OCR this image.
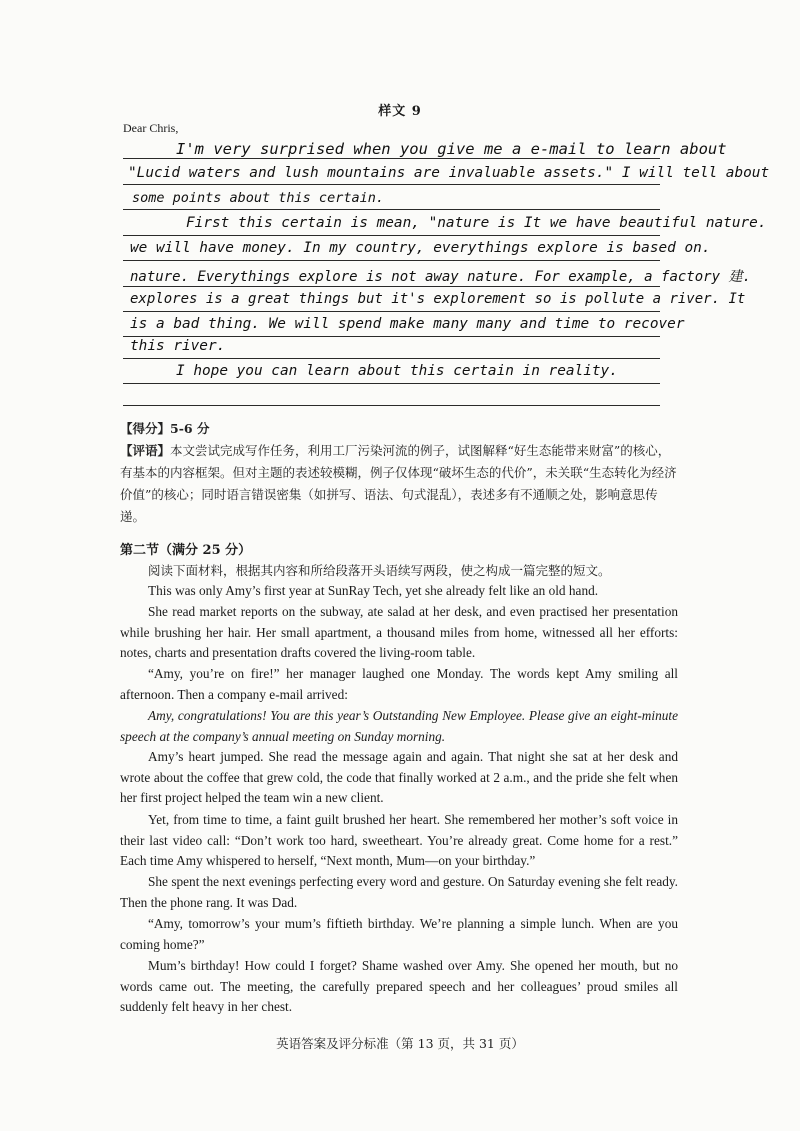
样文 9
Dear Chris,
I'm very surprised when you give me a e-mail to learn about
"Lucid waters and lush mountains are invaluable assets." I will tell about
some points about this certain.
First this certain is mean, "nature is It we have beautiful nature.
we will have money. In my country, everythings explore is based on.
nature. Everythings explore is not away nature. For example, a factory 建.
explores is a great things but it's explorement so is pollute a river. It
is a bad thing. We will spend make many many and time to recover
this river.
I hope you can learn about this certain in reality.
【得分】5-6 分
【评语】本文尝试完成写作任务，利用工厂污染河流的例子，试图解释“好生态能带来财富”的核心，有基本的内容框架。但对主题的表述较模糊，例子仅体现“破坏生态的代价”，未关联“生态转化为经济价值”的核心；同时语言错误密集（如拼写、语法、句式混乱），表述多有不通顺之处，影响意思传递。
第二节（满分 25 分）
阅读下面材料，根据其内容和所给段落开头语续写两段，使之构成一篇完整的短文。
This was only Amy’s first year at SunRay Tech, yet she already felt like an old hand.
She read market reports on the subway, ate salad at her desk, and even practised her presentation while brushing her hair. Her small apartment, a thousand miles from home, witnessed all her efforts: notes, charts and presentation drafts covered the living-room table.
“Amy, you’re on fire!” her manager laughed one Monday. The words kept Amy smiling all afternoon. Then a company e-mail arrived:
Amy, congratulations! You are this year’s Outstanding New Employee. Please give an eight-minute speech at the company’s annual meeting on Sunday morning.
Amy’s heart jumped. She read the message again and again. That night she sat at her desk and wrote about the coffee that grew cold, the code that finally worked at 2 a.m., and the pride she felt when her first project helped the team win a new client.
Yet, from time to time, a faint guilt brushed her heart. She remembered her mother’s soft voice in their last video call: “Don’t work too hard, sweetheart. You’re already great. Come home for a rest.” Each time Amy whispered to herself, “Next month, Mum—on your birthday.”
She spent the next evenings perfecting every word and gesture. On Saturday evening she felt ready. Then the phone rang. It was Dad.
“Amy, tomorrow’s your mum’s fiftieth birthday. We’re planning a simple lunch. When are you coming home?”
Mum’s birthday! How could I forget? Shame washed over Amy. She opened her mouth, but no words came out. The meeting, the carefully prepared speech and her colleagues’ proud smiles all suddenly felt heavy in her chest.
英语答案及评分标准（第 13 页，共 31 页）
